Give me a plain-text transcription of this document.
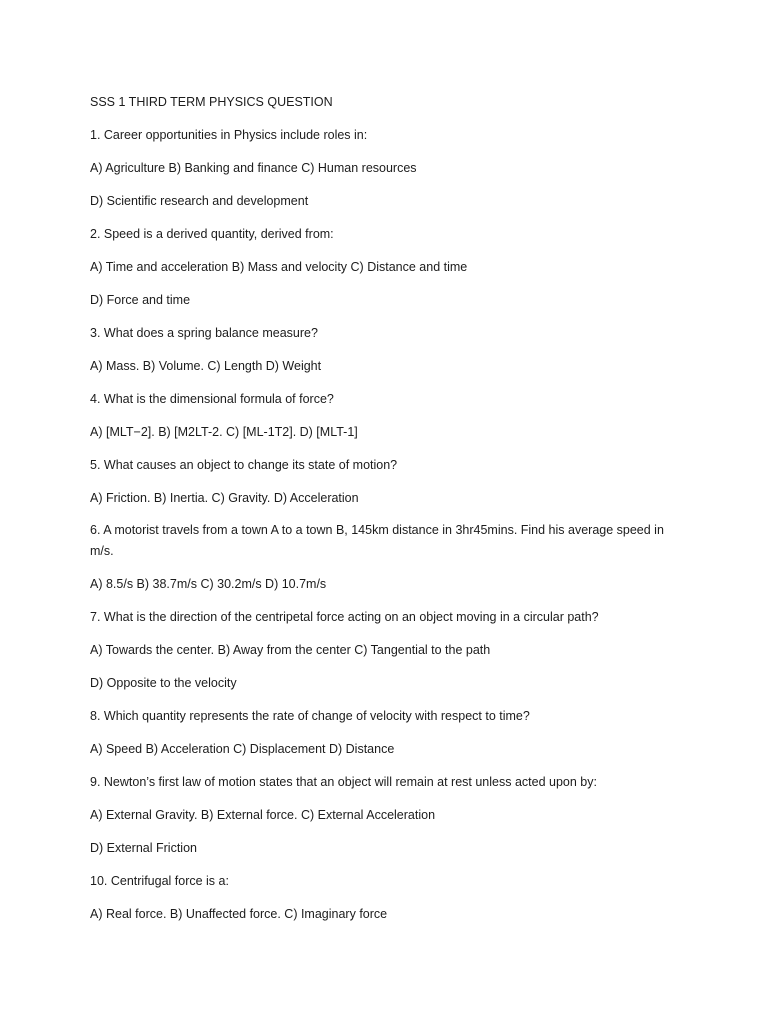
SSS 1 THIRD TERM PHYSICS QUESTION
1. Career opportunities in Physics include roles in:
A) Agriculture B) Banking and finance C) Human resources
D) Scientific research and development
2. Speed is a derived quantity, derived from:
A) Time and acceleration B) Mass and velocity C) Distance and time
D) Force and time
3. What does a spring balance measure?
A) Mass. B) Volume. C) Length D) Weight
4. What is the dimensional formula of force?
A) [MLT−2]. B) [M2LT-2. C) [ML-1T2]. D) [MLT-1]
5. What causes an object to change its state of motion?
A) Friction. B) Inertia. C) Gravity. D) Acceleration
6. A motorist travels from a town A to a town B, 145km distance in 3hr45mins. Find his average speed in m/s.
A) 8.5/s B) 38.7m/s C) 30.2m/s D) 10.7m/s
7. What is the direction of the centripetal force acting on an object moving in a circular path?
A) Towards the center. B) Away from the center C) Tangential to the path
D) Opposite to the velocity
8. Which quantity represents the rate of change of velocity with respect to time?
A) Speed B) Acceleration C) Displacement D) Distance
9. Newton’s first law of motion states that an object will remain at rest unless acted upon by:
A) External Gravity. B) External force. C) External Acceleration
D) External Friction
10. Centrifugal force is a:
A) Real force. B) Unaffected force. C) Imaginary force
